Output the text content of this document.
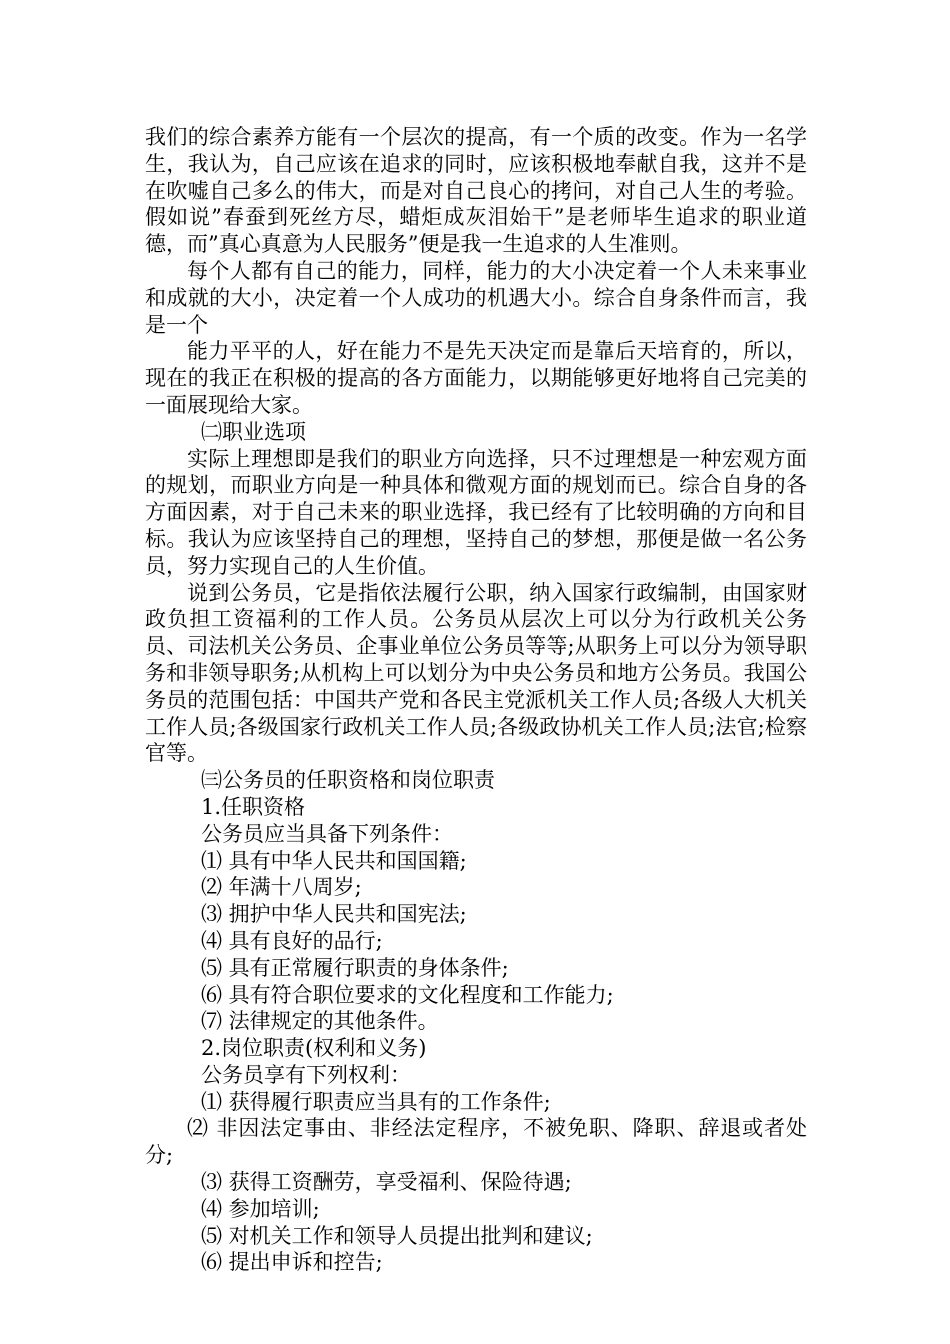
我们的综合素养方能有一个层次的提高，有一个质的改变。作为一名学生，我认为，自己应该在追求的同时，应该积极地奉献自我，这并不是在吹嘘自己多么的伟大，而是对自己良心的拷问，对自己人生的考验。假如说”春蚕到死丝方尽，蜡炬成灰泪始干”是老师毕生追求的职业道德，而”真心真意为人民服务”便是我一生追求的人生准则。

每个人都有自己的能力，同样，能力的大小决定着一个人未来事业和成就的大小，决定着一个人成功的机遇大小。综合自身条件而言，我是一个

能力平平的人，好在能力不是先天决定而是靠后天培育的，所以，现在的我正在积极的提高的各方面能力，以期能够更好地将自己完美的一面展现给大家。

㈡职业选项

实际上理想即是我们的职业方向选择，只不过理想是一种宏观方面的规划，而职业方向是一种具体和微观方面的规划而已。综合自身的各方面因素，对于自己未来的职业选择，我已经有了比较明确的方向和目标。我认为应该坚持自己的理想，坚持自己的梦想，那便是做一名公务员，努力实现自己的人生价值。

说到公务员，它是指依法履行公职，纳入国家行政编制，由国家财政负担工资福利的工作人员。公务员从层次上可以分为行政机关公务员、司法机关公务员、企事业单位公务员等等;从职务上可以分为领导职务和非领导职务;从机构上可以划分为中央公务员和地方公务员。我国公务员的范围包括：中国共产党和各民主党派机关工作人员;各级人大机关工作人员;各级国家行政机关工作人员;各级政协机关工作人员;法官;检察官等。

㈢公务员的任职资格和岗位职责

1.任职资格

公务员应当具备下列条件：

⑴ 具有中华人民共和国国籍;

⑵ 年满十八周岁;

⑶ 拥护中华人民共和国宪法;

⑷ 具有良好的品行;

⑸ 具有正常履行职责的身体条件;

⑹ 具有符合职位要求的文化程度和工作能力;

⑺ 法律规定的其他条件。

2.岗位职责(权利和义务)

公务员享有下列权利：

⑴ 获得履行职责应当具有的工作条件;

⑵ 非因法定事由、非经法定程序，不被免职、降职、辞退或者处分;

⑶ 获得工资酬劳，享受福利、保险待遇;

⑷ 参加培训;

⑸ 对机关工作和领导人员提出批判和建议;

⑹ 提出申诉和控告;
